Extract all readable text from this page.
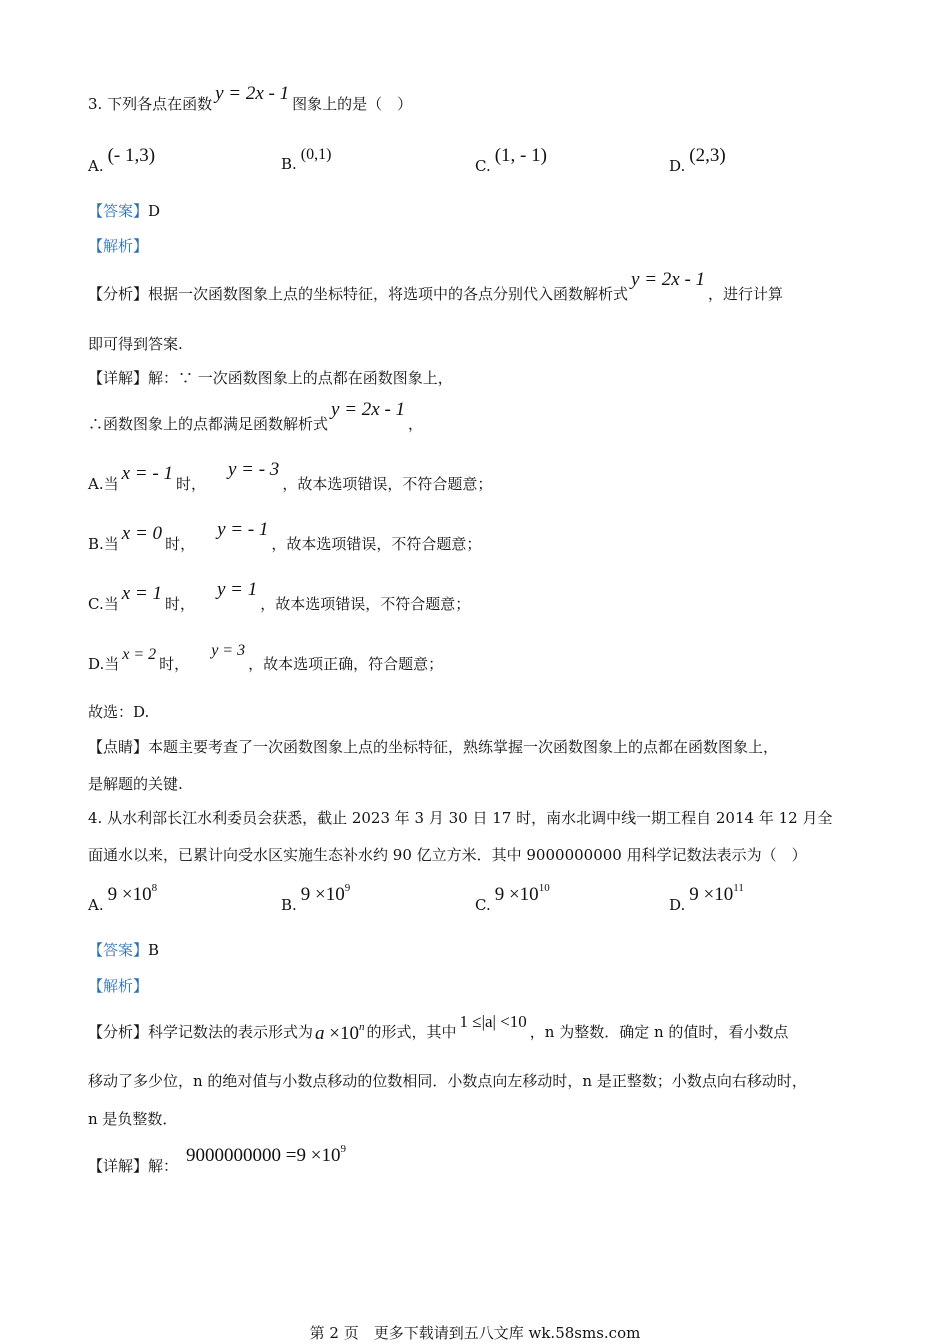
3. 下列各点在函数 y = 2x - 1 图象上的是（　）
A. (- 1,3)	B.(0,1)
C. (1, - 1)	D. (2,3)
【答案】D
【解析】
【分析】根据一次函数图象上点的坐标特征，将选项中的各点分别代入函数解析式y = 2x - 1，进行计算
即可得到答案.
【详解】解：∵ 一次函数图象上的点都在函数图象上，
∴函数图象上的点都满足函数解析式y = 2x - 1，
A.当 x = - 1 时，y = - 3，故本选项错误，不符合题意；
B.当 x = 0 时，y = - 1，故本选项错误，不符合题意；
C.当 x = 1 时，y = 1，故本选项错误，不符合题意；
D.当x = 2时，y = 3，故本选项正确，符合题意；
故选：D.
【点睛】本题主要考查了一次函数图象上点的坐标特征，熟练掌握一次函数图象上的点都在函数图象上，
是解题的关键.
4. 从水利部长江水利委员会获悉，截止 2023 年 3 月 30 日 17 时，南水北调中线一期工程自 2014 年 12 月全
面通水以来，已累计向受水区实施生态补水约 90 亿立方米．其中 9000000000 用科学记数法表示为（　）
A. $9 \times 10^8$
B. $9 \times 10^9$
C. $9 \times 10^{10}$
D. $9 \times 10^{11}$
【答案】B
【解析】
【分析】科学记数法的表示形式为 $a \times 10^n$ 的形式，其中1 ≤|a| <10，n 为整数．确定 n 的值时，看小数点
移动了多少位，n 的绝对值与小数点移动的位数相同．小数点向左移动时，n 是正整数；小数点向右移动时，
n 是负整数．
【详解】解： $9000000000 =9 \times 10^9$
第 2 页　更多下载请到五八文库 wk.58sms.com
